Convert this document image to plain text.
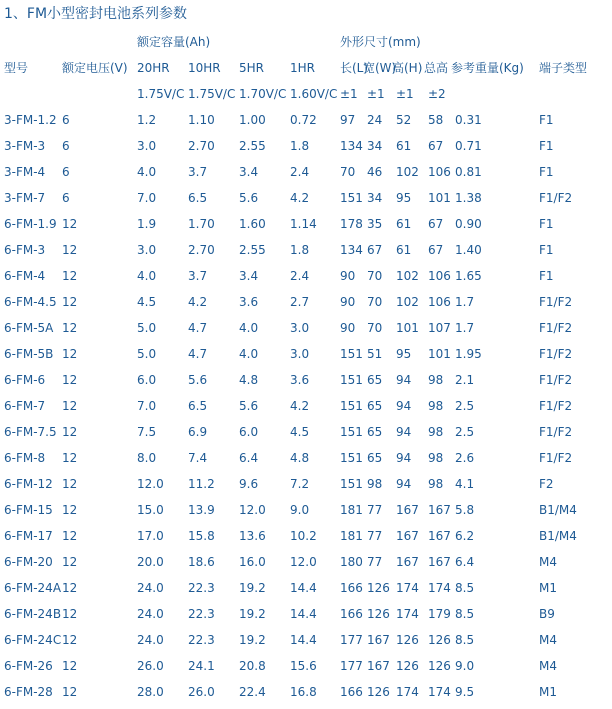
1、FM小型密封电池系列参数
		额定容量(Ah)				外形尺寸(mm)					
型号	额定电压(V)	20HR	10HR	5HR	1HR	长(L)	宽(W)	高(H)	总高	参考重量(Kg)	端子类型
		1.75V/C	1.75V/C	1.70V/C	1.60V/C	±1	±1	±1	±2		
3-FM-1.2	6	1.2	1.10	1.00	0.72	97	24	52	58	0.31	F1
3-FM-3	6	3.0	2.70	2.55	1.8	134	34	61	67	0.71	F1
3-FM-4	6	4.0	3.7	3.4	2.4	70	46	102	106	0.81	F1
3-FM-7	6	7.0	6.5	5.6	4.2	151	34	95	101	1.38	F1/F2
6-FM-1.9	12	1.9	1.70	1.60	1.14	178	35	61	67	0.90	F1
6-FM-3	12	3.0	2.70	2.55	1.8	134	67	61	67	1.40	F1
6-FM-4	12	4.0	3.7	3.4	2.4	90	70	102	106	1.65	F1
6-FM-4.5	12	4.5	4.2	3.6	2.7	90	70	102	106	1.7	F1/F2
6-FM-5A	12	5.0	4.7	4.0	3.0	90	70	101	107	1.7	F1/F2
6-FM-5B	12	5.0	4.7	4.0	3.0	151	51	95	101	1.95	F1/F2
6-FM-6	12	6.0	5.6	4.8	3.6	151	65	94	98	2.1	F1/F2
6-FM-7	12	7.0	6.5	5.6	4.2	151	65	94	98	2.5	F1/F2
6-FM-7.5	12	7.5	6.9	6.0	4.5	151	65	94	98	2.5	F1/F2
6-FM-8	12	8.0	7.4	6.4	4.8	151	65	94	98	2.6	F1/F2
6-FM-12	12	12.0	11.2	9.6	7.2	151	98	94	98	4.1	F2
6-FM-15	12	15.0	13.9	12.0	9.0	181	77	167	167	5.8	B1/M4
6-FM-17	12	17.0	15.8	13.6	10.2	181	77	167	167	6.2	B1/M4
6-FM-20	12	20.0	18.6	16.0	12.0	180	77	167	167	6.4	M4
6-FM-24A	12	24.0	22.3	19.2	14.4	166	126	174	174	8.5	M1
6-FM-24B	12	24.0	22.3	19.2	14.4	166	126	174	179	8.5	B9
6-FM-24C	12	24.0	22.3	19.2	14.4	177	167	126	126	8.5	M4
6-FM-26	12	26.0	24.1	20.8	15.6	177	167	126	126	9.0	M4
6-FM-28	12	28.0	26.0	22.4	16.8	166	126	174	174	9.5	M1
